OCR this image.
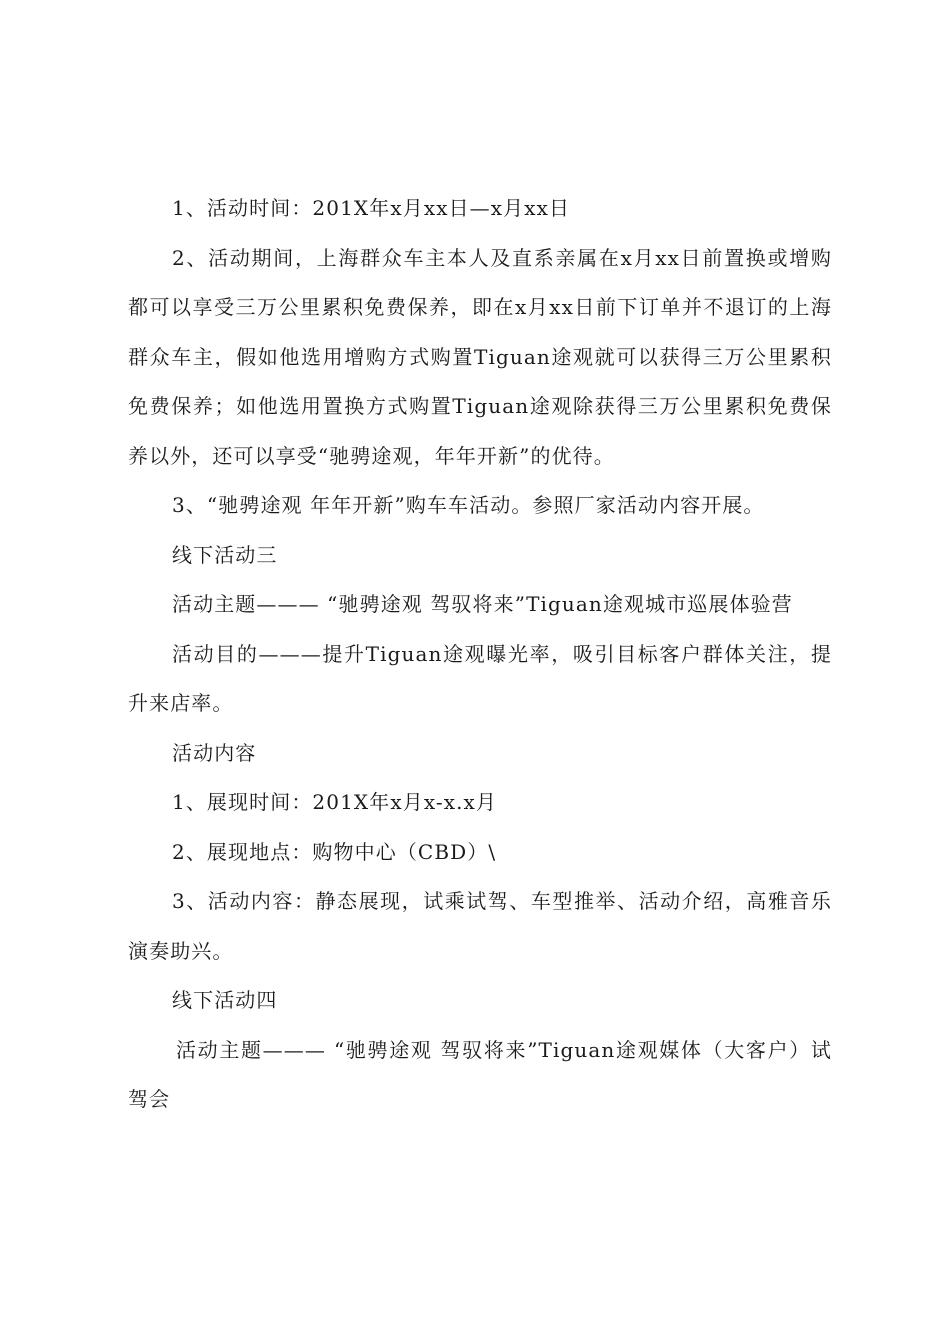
1、活动时间：201X年x月xx日—x月xx日

2、活动期间，上海群众车主本人及直系亲属在x月xx日前置换或增购都可以享受三万公里累积免费保养，即在x月xx日前下订单并不退订的上海群众车主，假如他选用增购方式购置Tiguan途观就可以获得三万公里累积免费保养；如他选用置换方式购置Tiguan途观除获得三万公里累积免费保养以外，还可以享受“驰骋途观，年年开新”的优待。

3、“驰骋途观 年年开新”购车车活动。参照厂家活动内容开展。

线下活动三

活动主题——— “驰骋途观 驾驭将来”Tiguan途观城市巡展体验营

活动目的———提升Tiguan途观曝光率，吸引目标客户群体关注，提升来店率。

活动内容

1、展现时间：201X年x月x-x.x月

2、展现地点：购物中心（CBD）\

3、活动内容：静态展现，试乘试驾、车型推举、活动介绍，高雅音乐演奏助兴。

线下活动四

活动主题——— “驰骋途观 驾驭将来”Tiguan途观媒体（大客户）试驾会
